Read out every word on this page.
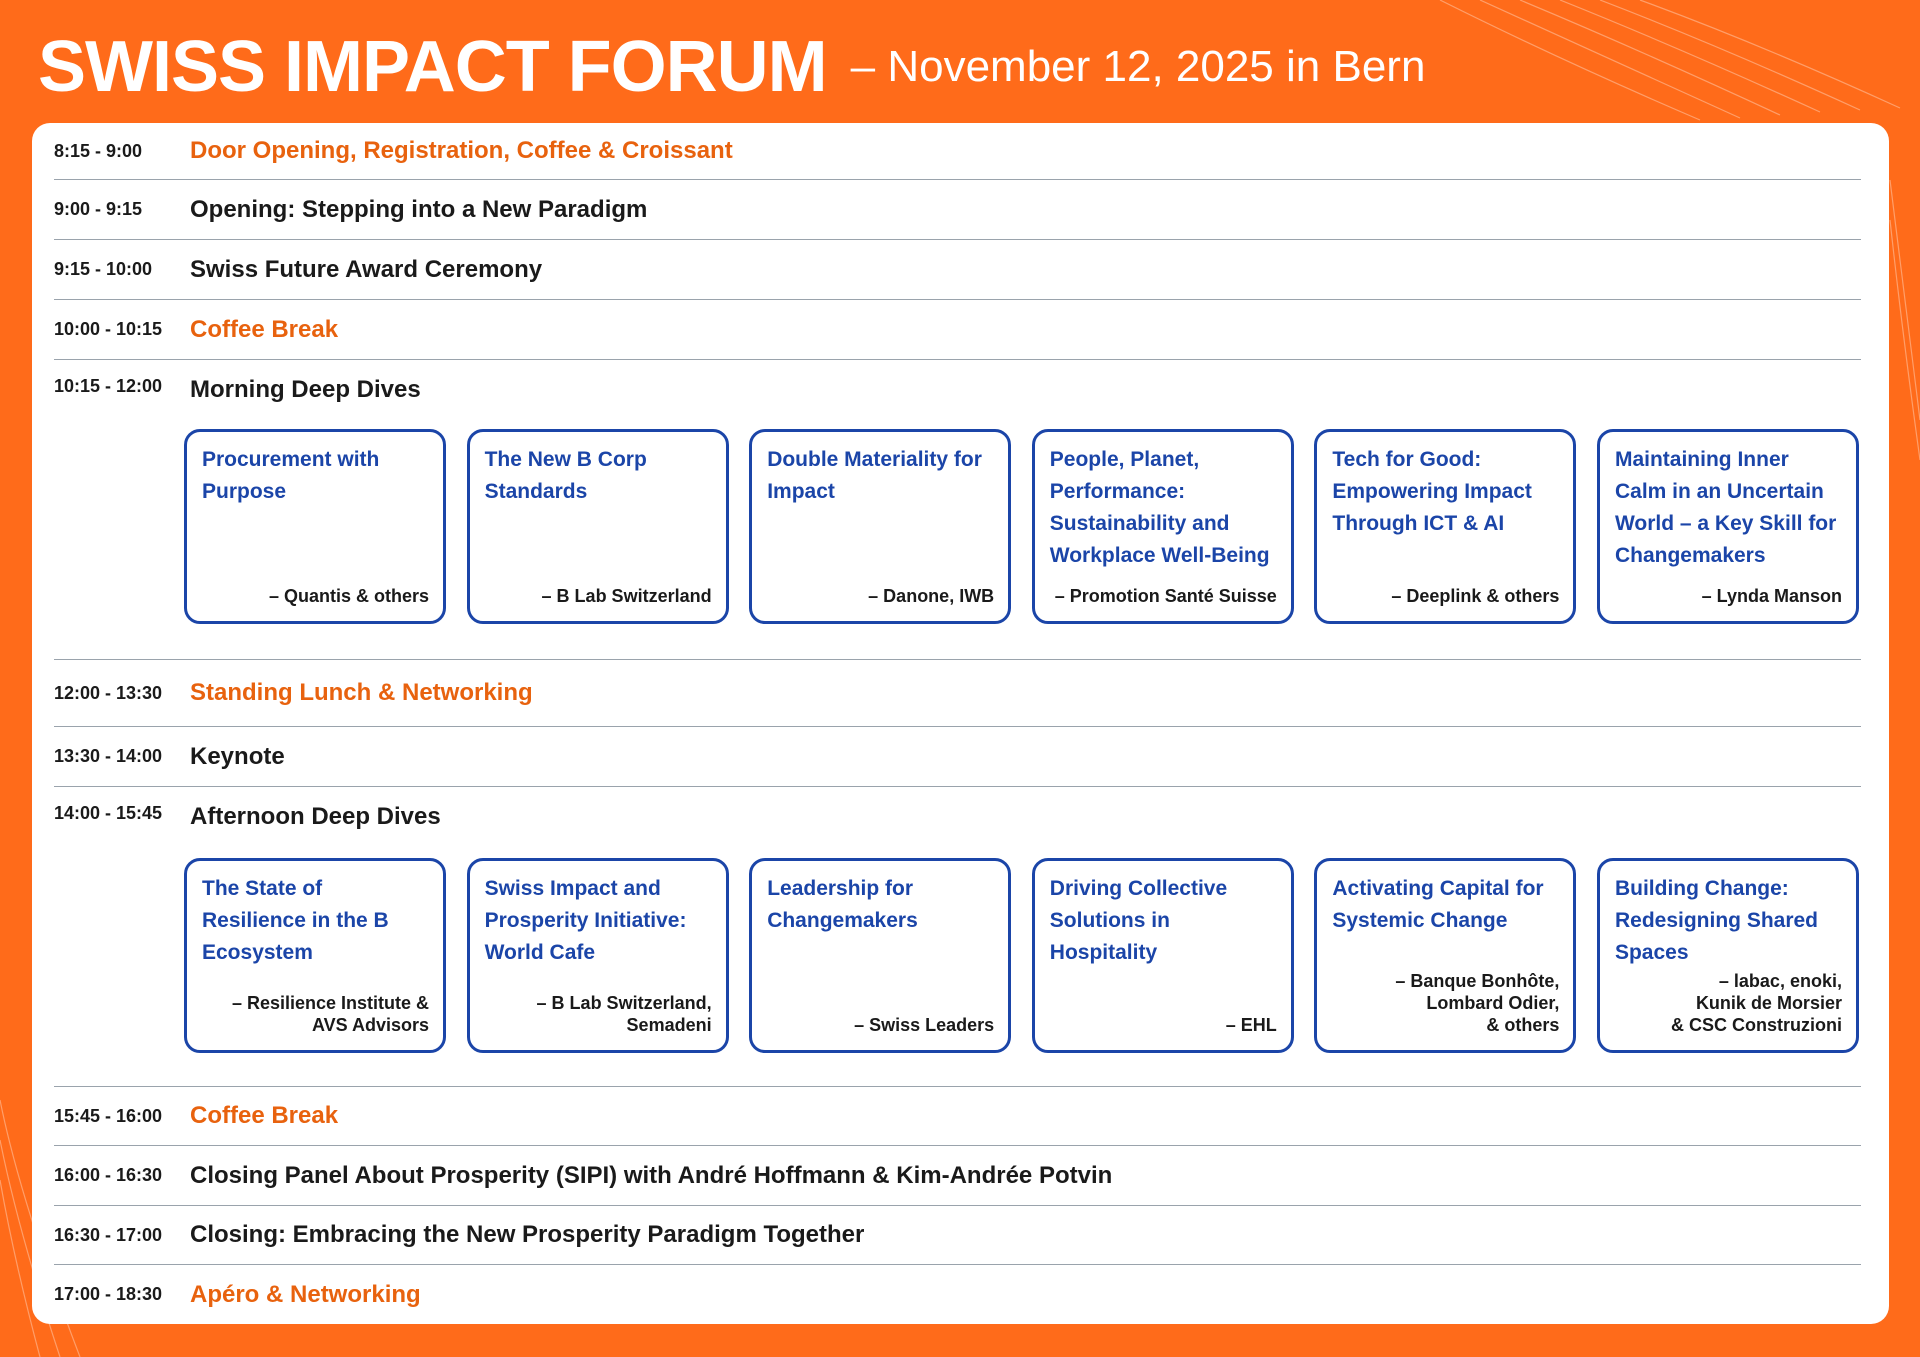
SWISS IMPACT FORUM – November 12, 2025 in Bern
8:15 - 9:00	Door Opening, Registration, Coffee & Croissant
9:00 - 9:15	Opening: Stepping into a New Paradigm
9:15 - 10:00	Swiss Future Award Ceremony
10:00 - 10:15	Coffee Break
10:15 - 12:00	Morning Deep Dives
Procurement with Purpose
– Quantis & others
The New B Corp Standards
– B Lab Switzerland
Double Materiality for Impact
– Danone, IWB
People, Planet, Performance: Sustainability and Workplace Well-Being
– Promotion Santé Suisse
Tech for Good: Empowering Impact Through ICT & AI
– Deeplink & others
Maintaining Inner Calm in an Uncertain World – a Key Skill for Changemakers
– Lynda Manson
12:00 - 13:30	Standing Lunch & Networking
13:30 - 14:00	Keynote
14:00 - 15:45	Afternoon Deep Dives
The State of Resilience in the B Ecosystem
– Resilience Institute &
AVS Advisors
Swiss Impact and Prosperity Initiative: World Cafe
– B Lab Switzerland,
Semadeni
Leadership for Changemakers
– Swiss Leaders
Driving Collective Solutions in Hospitality
– EHL
Activating Capital for Systemic Change
– Banque Bonhôte,
Lombard Odier,
& others
Building Change: Redesigning Shared Spaces
– labac, enoki,
Kunik de Morsier
& CSC Construzioni
15:45 - 16:00	Coffee Break
16:00 - 16:30	Closing Panel About Prosperity (SIPI) with André Hoffmann & Kim-Andrée Potvin
16:30 - 17:00	Closing: Embracing the New Prosperity Paradigm Together
17:00 - 18:30	Apéro & Networking
